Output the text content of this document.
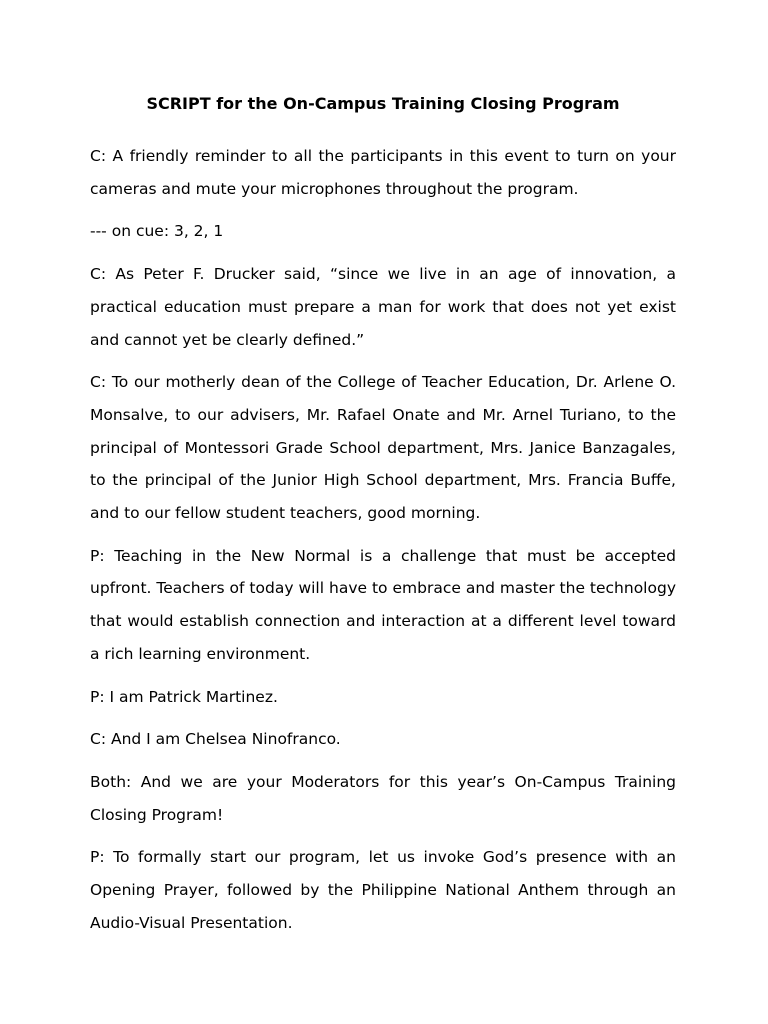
SCRIPT for the On-Campus Training Closing Program

C: A friendly reminder to all the participants in this event to turn on your cameras and mute your microphones throughout the program.

--- on cue: 3, 2, 1

C: As Peter F. Drucker said, “since we live in an age of innovation, a practical education must prepare a man for work that does not yet exist and cannot yet be clearly defined.”

C: To our motherly dean of the College of Teacher Education, Dr. Arlene O. Monsalve, to our advisers, Mr. Rafael Onate and Mr. Arnel Turiano, to the principal of Montessori Grade School department, Mrs. Janice Banzagales, to the principal of the Junior High School department, Mrs. Francia Buffe, and to our fellow student teachers, good morning.

P: Teaching in the New Normal is a challenge that must be accepted upfront. Teachers of today will have to embrace and master the technology that would establish connection and interaction at a different level toward a rich learning environment.

P: I am Patrick Martinez.

C: And I am Chelsea Ninofranco.

Both: And we are your Moderators for this year’s On-Campus Training Closing Program!

P: To formally start our program, let us invoke God’s presence with an Opening Prayer, followed by the Philippine National Anthem through an Audio-Visual Presentation.
